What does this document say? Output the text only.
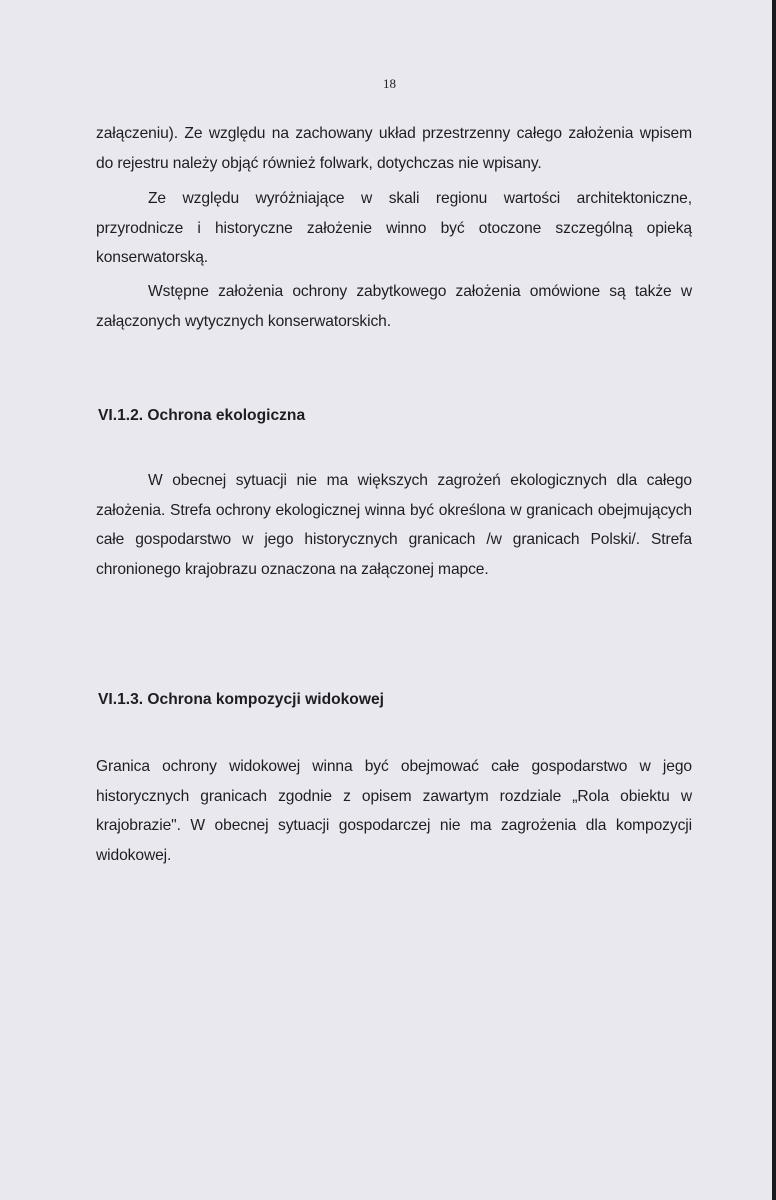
18

załączeniu). Ze względu na zachowany układ przestrzenny całego założenia wpisem do rejestru należy objąć również folwark, dotychczas nie wpisany.

Ze względu wyróżniające w skali regionu wartości architektoniczne, przyrodnicze i historyczne założenie winno być otoczone szczególną opieką konserwatorską.

Wstępne założenia ochrony zabytkowego założenia omówione są także w załączonych wytycznych konserwatorskich.

VI.1.2. Ochrona ekologiczna

W obecnej sytuacji nie ma większych zagrożeń ekologicznych dla całego założenia. Strefa ochrony ekologicznej winna być określona w granicach obejmujących całe gospodarstwo w jego historycznych granicach /w granicach Polski/. Strefa chronionego krajobrazu oznaczona na załączonej mapce.

VI.1.3. Ochrona kompozycji widokowej

Granica ochrony widokowej winna być obejmować całe gospodarstwo w jego historycznych granicach zgodnie z opisem zawartym rozdziale „Rola obiektu w krajobrazie". W obecnej sytuacji gospodarczej nie ma zagrożenia dla kompozycji widokowej.
